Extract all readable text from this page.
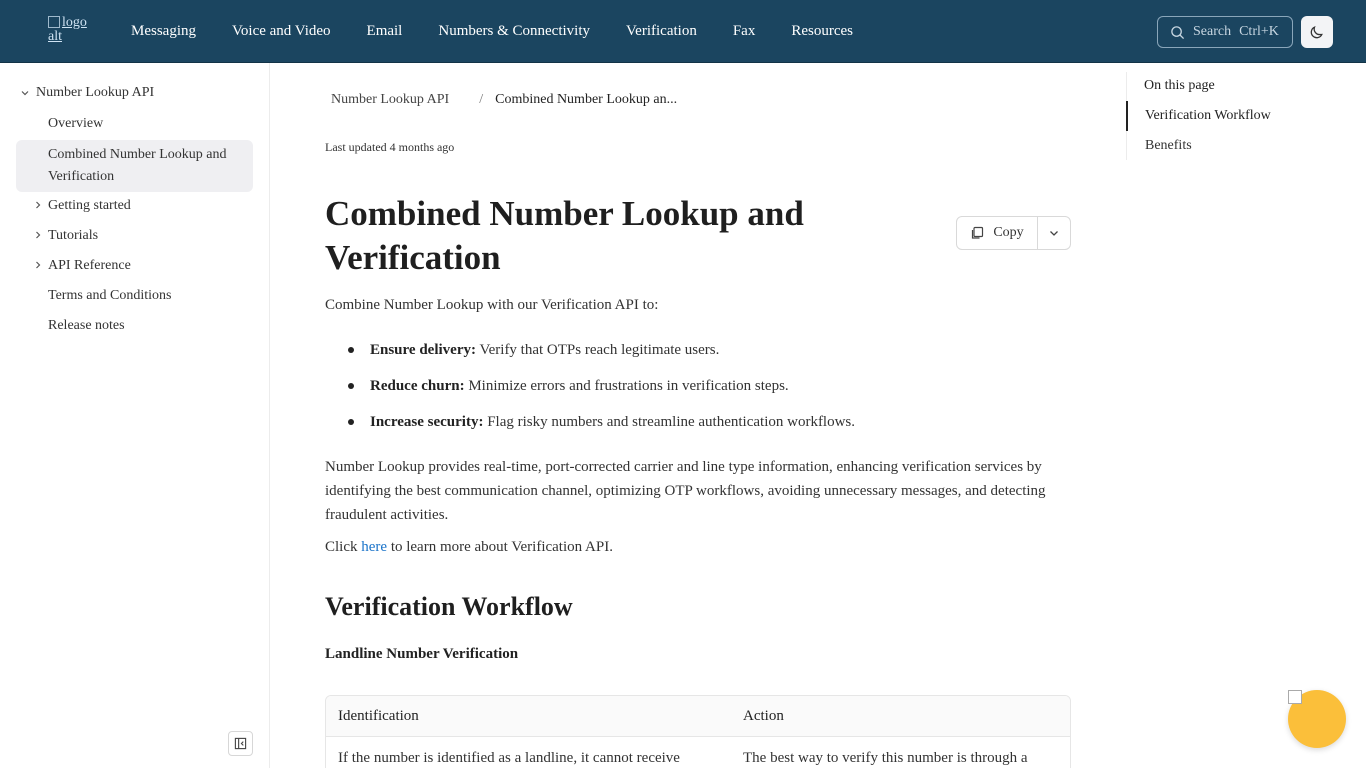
logo alt	Messaging Voice and Video Email Numbers & Connectivity Verification Fax Resources	Search Ctrl+K
Number Lookup API
Overview
Combined Number Lookup and Verification
Getting started
Tutorials
API Reference
Terms and Conditions
Release notes
Number Lookup API / Combined Number Lookup an...
Last updated 4 months ago
Combined Number Lookup and Verification
Copy

Combine Number Lookup with our Verification API to:

Ensure delivery: Verify that OTPs reach legitimate users.
Reduce churn: Minimize errors and frustrations in verification steps.
Increase security: Flag risky numbers and streamline authentication workflows.

Number Lookup provides real-time, port-corrected carrier and line type information, enhancing verification services by identifying the best communication channel, optimizing OTP workflows, avoiding unnecessary messages, and detecting fraudulent activities.

Click here to learn more about Verification API.

Verification Workflow
Landline Number Verification
Identification	Action
If the number is identified as a landline, it cannot receive	The best way to verify this number is through a
On this page
Verification Workflow
Benefits
